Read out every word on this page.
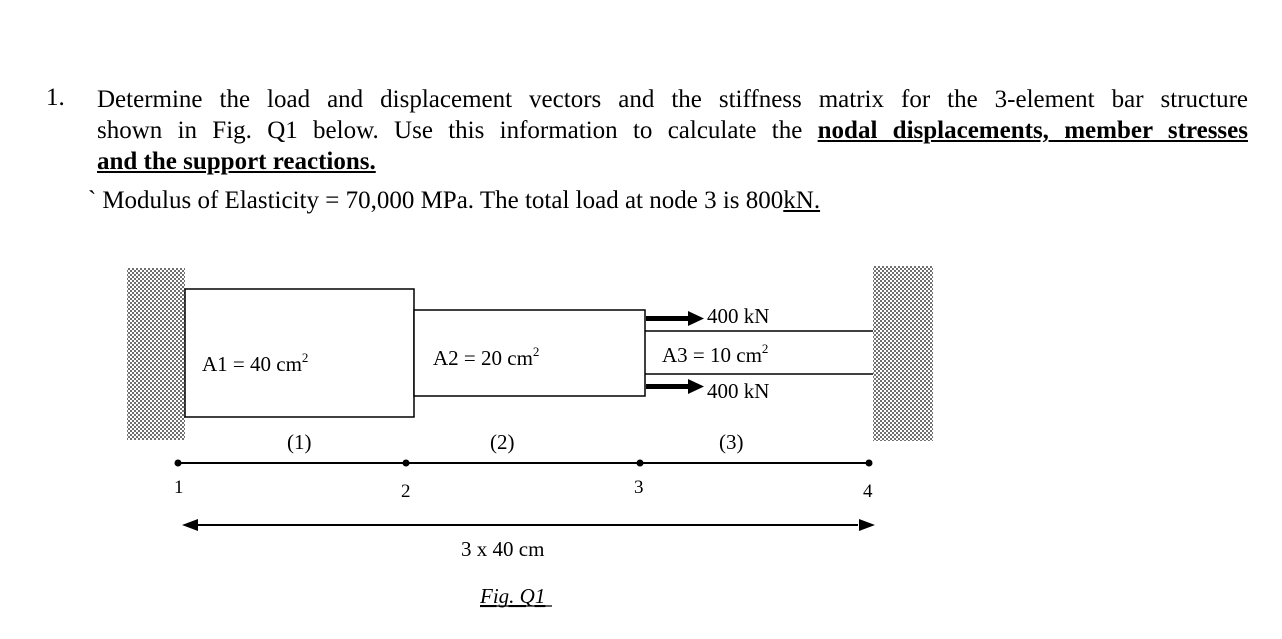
1. Determine the load and displacement vectors and the stiffness matrix for the 3-element bar structure
shown in Fig. Q1 below. Use this information to calculate the nodal displacements, member stresses
and the support reactions.
` Modulus of Elasticity = 70,000 MPa. The total load at node 3 is 800kN.
400 kN
400 kN
A1 = 40 $cm^2$	A2 = 20 $cm^2$	A3 = 10 $cm^2$
(1)	(2)	(3)
1	2	3	4
3 x 40 cm
Fig. Q1
